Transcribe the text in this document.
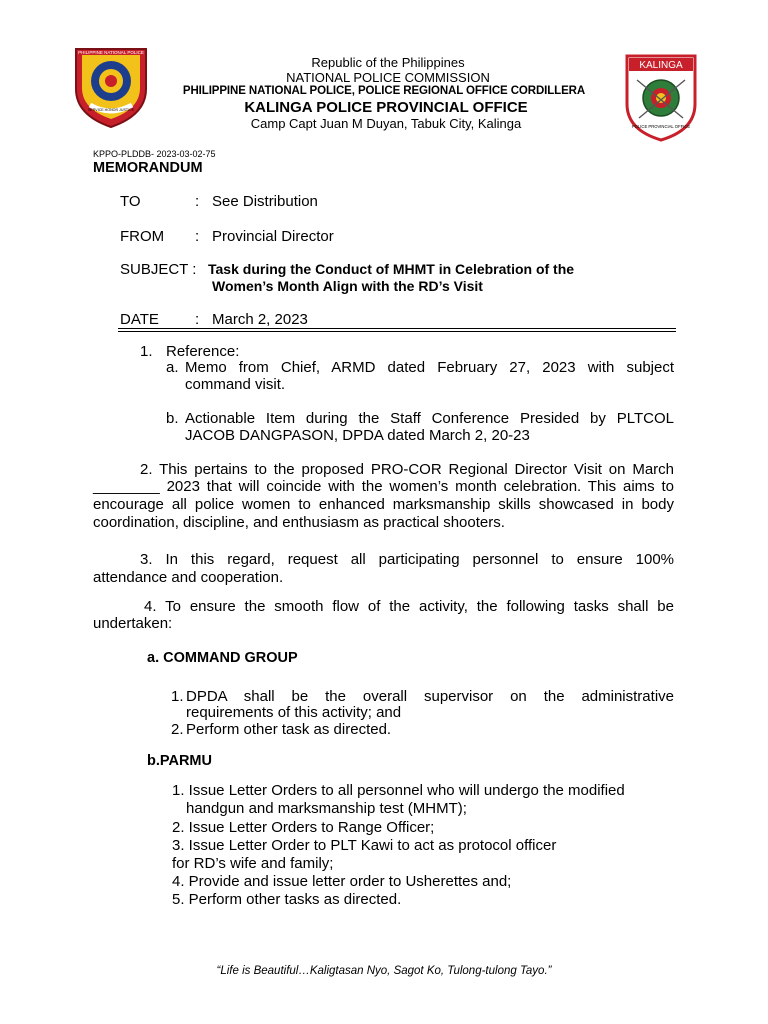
PHILIPPINE NATIONAL POLICE
SERVICE HONOR JUSTICE
KALINGA
POLICE PROVINCIAL OFFICE
Republic of the Philippines
NATIONAL POLICE COMMISSION
PHILIPPINE NATIONAL POLICE, POLICE REGIONAL OFFICE CORDILLERA
KALINGA POLICE PROVINCIAL OFFICE
Camp Capt Juan M Duyan, Tabuk City, Kalinga
KPPO-PLDDB- 2023-03-02-75
MEMORANDUM
TO	: See Distribution
FROM : Provincial Director
SUBJECT : Task during the Conduct of MHMT in Celebration of the
Women’s Month Align with the RD’s Visit
DATE : March 2, 2023
1. Reference:
a. Memo from Chief, ARMD dated February 27, 2023 with subject
command visit.
b. Actionable Item during the Staff Conference Presided by PLTCOL
JACOB DANGPASON, DPDA dated March 2, 20-23
2. This pertains to the proposed PRO-COR Regional Director Visit on March
________ 2023 that will coincide with the women’s month celebration. This aims to
encourage all police women to enhanced marksmanship skills showcased in body
coordination, discipline, and enthusiasm as practical shooters.
3. In this regard, request all participating personnel to ensure 100%
attendance and cooperation.
4. To ensure the smooth flow of the activity, the following tasks shall be
undertaken:
a. COMMAND GROUP
1. DPDA shall be the overall supervisor on the administrative
requirements of this activity; and
2. Perform other task as directed.
b.PARMU
1. Issue Letter Orders to all personnel who will undergo the modified
handgun and marksmanship test (MHMT);
2. Issue Letter Orders to Range Officer;
3. Issue Letter Order to PLT Kawi to act as protocol officer
for RD’s wife and family;
4. Provide and issue letter order to Usherettes and;
5. Perform other tasks as directed.
“Life is Beautiful…Kaligtasan Nyo, Sagot Ko, Tulong-tulong Tayo.”
